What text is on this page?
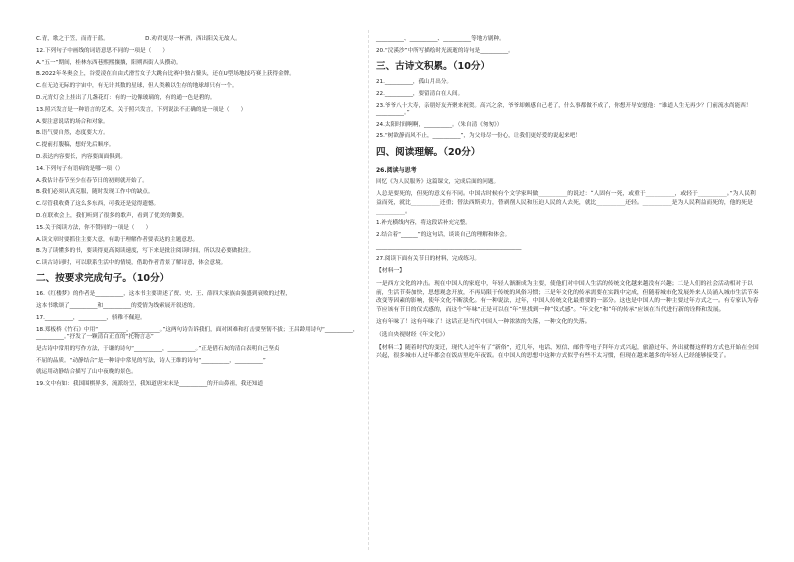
C.青，歌之于笠，而青于蓝。　　　　　　　D.劝君更尽一杯酒，西出阳关无故人。
12.下列句子中画线的词语意思不同的一项是（　　）
A.“五一”期间，桂林东西巷熙熙攘攘，阳朔西街人头攒动。
B.2022年冬奥会上，谷爱凌在自由式滑雪女子大跳台比赛中独占鳌头，还在U型场地技巧赛上获得金牌。
C.在无边无际的宇宙中，有无计其数的星球，但人类赖以生存的地球却只有一个。
D.元宵灯会上挂出了几盏花灯：有的一边像玻璃的，有的通一色是碧的。
13.照兴发言是一种语言的艺术，关于照兴发言，下列说法不正确的是一项是（　　）
A.要注意说话的场合和对象。
B.语气要自然，态度要大方。
C.提前打腹稿，想好先后顺序。
D.表达内容要长，内容要面面俱到。
14.下列句子有语病的是哪一项（）
A.我估计春节至少在春节日的初则就开始了。
B.我们必须认真克服，随时发现工作中的缺点。
C.尽管我收费了这么多东西，可我还是觉得遗憾。
D.在联欢会上，我们听到了很多的歌声，看到了优美的舞姿。
15.关于阅读方法，你不赞同的一项是（　　）
A.读文章时要抓住主要大意，有助于理解作者要表达的主题意思。
B.为了读懂多的书，要读得更高阅读速度，写下来是批注阅读时间，所以没必要做批注。
C.读古诗词时，可以联系生活中的情境，借助作者背景了解诗意，体会意境。
二、按要求完成句子。（10分）
16.《红楼梦》的作者是__________，这本书主要讲述了贾、史、王、薛四大家族由强盛到衰败的过程，
这本书歌颂了__________和__________的爱情为线索展开叙述的。
17.__________，__________，骄稚不佩迎。
18.郑板桥《竹石》中用“__________，__________。”这两句诗告诉我们，面对困难和打击要坚韧不拔；王昌龄用诗句“__________，__________。”抒发了一颗清白正直的“托物言志”
是古诗中常用的写作方法，于谦的诗句“__________，__________。”正是借石灰的清白表明自己坚贞
不屈的品质。“动静结合”是一种诗中常见的写法，诗人王维的诗句“__________，__________”
就运用动静结合描写了山中夜晚的景色。
19.文中有如：我国围棋界多，流派纷呈，我知道唐宋末是__________的开山鼻祖，我还知道
__________、__________、__________等地方剧种。
20.“浣溪沙”中所写描绘时光流逝的诗句是__________。
三、古诗文积累。（10分）
21.__________，孤山月出分。
22.__________，要留清白在人间。
23.爷爷八十大寿，亲朋好友齐聚来祝贺。高兴之余，爷爷却颇感自己老了，什么事都做不成了，你想开导安慰他：“谁道人生无再少？门前流水尚能西！__________。”
24.太阳时间啊啊，__________。（朱自清《匆匆》）
25.“树欲静而风不止，__________”，为父母尽一份心，让我们更好爱的说起来吧！
四、阅读理解。（20分）
26.阅读与思考
回忆《为人民服务》这篇课文，完成后面的问题。
人总是要死的，但死的意义有不同。中国古时候有个文学家叫做__________的说过：“人固有一死，或重于__________，或轻于__________。”为人民利益而死，就比__________还重；替法西斯卖力，替剥削人民和压迫人民的人去死，就比__________还轻。__________是为人民利益而死的，他的死是__________。
1.补充横线内容，将这段话补充完整。
2.结合着“______”的这句话，谈谈自己的理解和体会。
____________________________________________________
27.阅读下面有关节日的材料，完成练习。
【材料一】
一是西方文化的冲击。现在中国人的家庭中，年轻人渐渐成为主要，使他们对中国人生活的传统文化越来越没有兴趣；二是人们的社会活动相对于以前，生活节奏加快，思想观念开放，不再局限于传统的风俗习惯；三是年文化的传承需要在实践中完成，但随着城市化发展外来人员涌入城市生活节奏改变等因素的影响，使年文化不断淡化。有一种说法，过年，中国人传统文化最重要的一部分。这也是中国人的一种主要过年方式之一。有专家认为春节应该有节日的仪式感的，而这个“年味”正是可以在“年”里找到一种“仪式感”。“年文化”和“年的传承”应该在当代进行新的诠释和发展。
这有年味了！这有年味了！这话正是当代中国人一种浓浓的失落，一种文化的失落。
（选自央视财经《年文化》）
【材料二】随着时代的变迁，现代人过年有了“新俗”，近几年，电话、短信、邮件等电子拜年方式兴起，旅游过年、外出就餐这样的方式也开始在全国兴起，很多城市人过年都会在饭店里吃年夜饭。在中国人的思想中这种方式似乎有些不太习惯，但现在越来越多的年轻人已经能够接受了。
